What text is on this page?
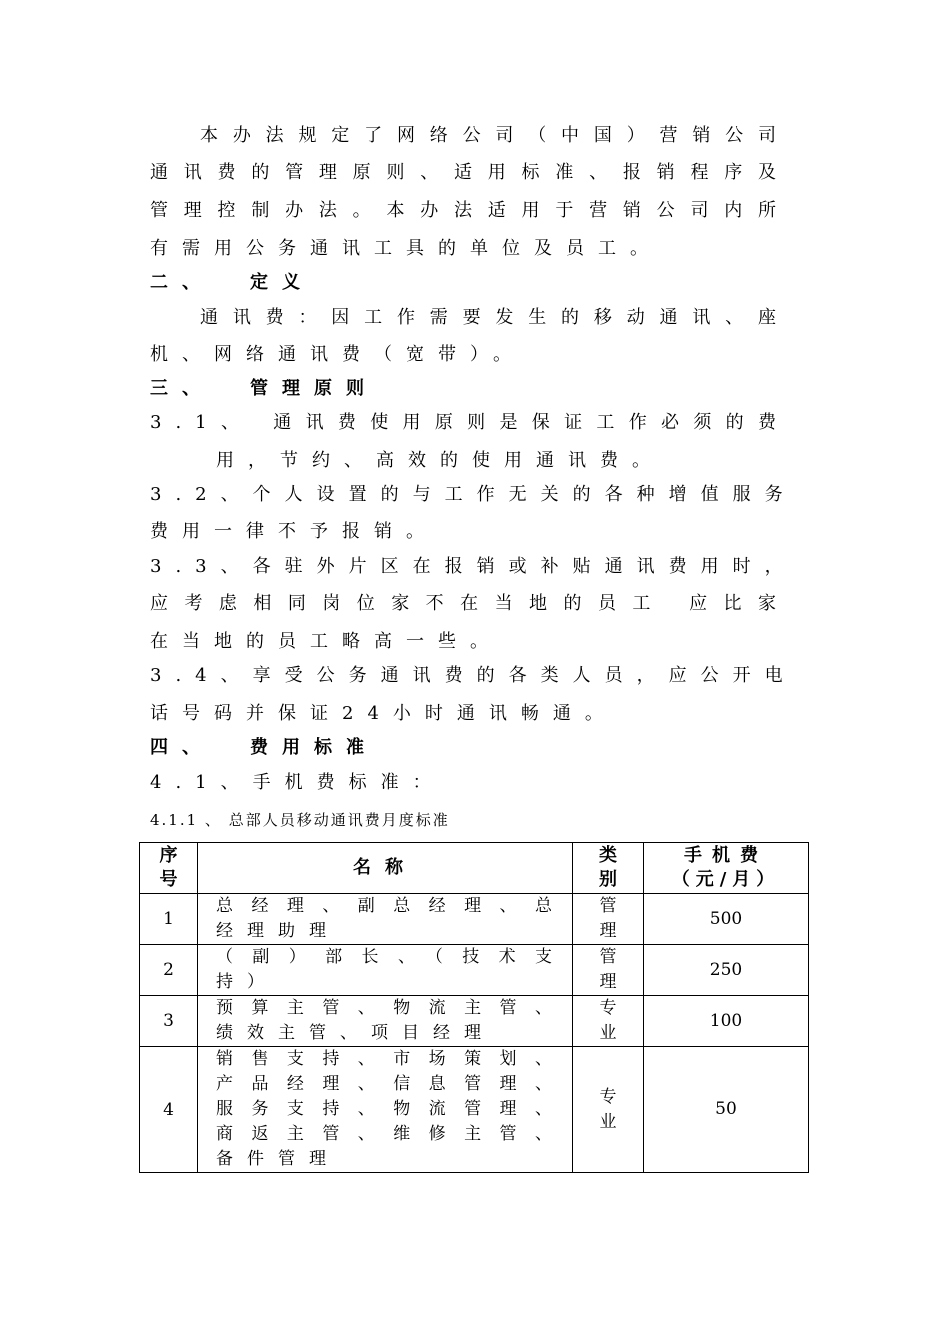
本办法规定了网络公司（中国）营销公司
通讯费的管理原则、适用标准、报销程序及
管理控制办法。本办法适用于营销公司内所
有需用公务通讯工具的单位及员工。
二、 定义
通讯费：因工作需要发生的移动通讯、座
机、网络通讯费（宽带）。
三、 管理原则
3.1、 通讯费使用原则是保证工作必须的费
用，节约、高效的使用通讯费。
3.2、个人设置的与工作无关的各种增值服务
费用一律不予报销。
3.3、各驻外片区在报销或补贴通讯费用时，
应考虑相同岗位家不在当地的员工 应比家
在当地的员工略高一些。
3.4、享受公务通讯费的各类人员，应公开电
话号码并保证24小时通讯畅通。
四、 费用标准
4.1、手机费标准：
4.1.1 、 总部人员移动通讯费月度标准
序号	名称	类别	手机费
（元/月）

1	总经理、副总经理、总
经理助理	管理	500
2	（副）部长、（技术支
持）	管理	250
3	预算主管、物流主管、
绩效主管、项目经理	专业	100
4	销售支持、市场策划、
产品经理、信息管理、
服务支持、物流管理、
商返主管、维修主管、
备件管理	专业	50
